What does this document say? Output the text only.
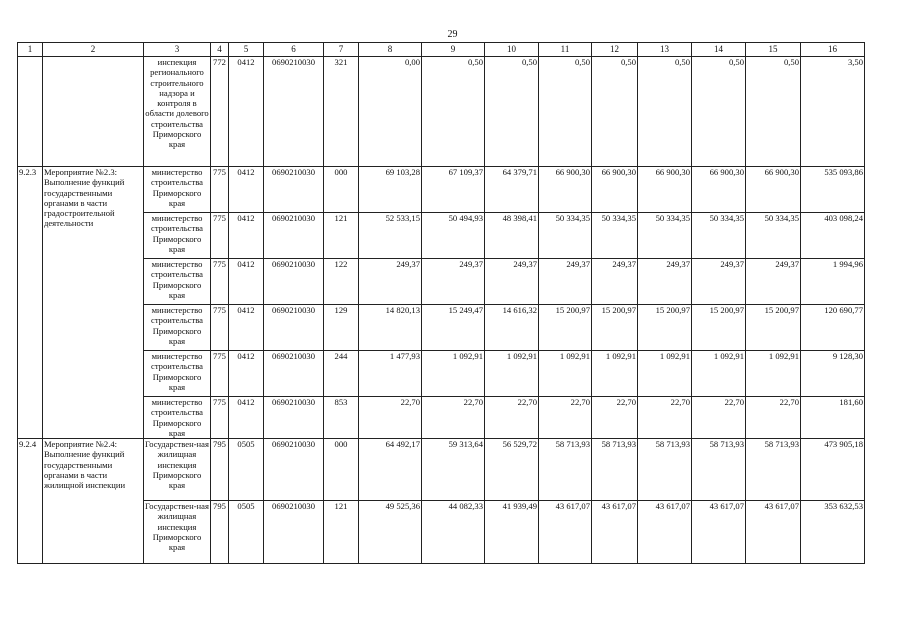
29
1	2	3	4	5	6	7	8	9	10	11	12	13	14	15	16
		инспекция регионального строительного надзора и контроля в области долевого строительства Приморского края	772	0412	0690210030	321	0,00	0,50	0,50	0,50	0,50	0,50	0,50	0,50	3,50
9.2.3	Мероприятие №2.3: Выполнение функций государственными органами в части градостроительной деятельности	министерство строительства Приморского края	775	0412	0690210030	000	69 103,28	67 109,37	64 379,71	66 900,30	66 900,30	66 900,30	66 900,30	66 900,30	535 093,86
		министерство строительства Приморского края	775	0412	0690210030	121	52 533,15	50 494,93	48 398,41	50 334,35	50 334,35	50 334,35	50 334,35	50 334,35	403 098,24
		министерство строительства Приморского края	775	0412	0690210030	122	249,37	249,37	249,37	249,37	249,37	249,37	249,37	249,37	1 994,96
		министерство строительства Приморского края	775	0412	0690210030	129	14 820,13	15 249,47	14 616,32	15 200,97	15 200,97	15 200,97	15 200,97	15 200,97	120 690,77
		министерство строительства Приморского края	775	0412	0690210030	244	1 477,93	1 092,91	1 092,91	1 092,91	1 092,91	1 092,91	1 092,91	1 092,91	9 128,30
		министерство строительства Приморского края	775	0412	0690210030	853	22,70	22,70	22,70	22,70	22,70	22,70	22,70	22,70	181,60
9.2.4	Мероприятие №2.4: Выполнение функций государственными органами в части жилищной инспекции	Государствен-ная жилищная инспекция Приморского края	795	0505	0690210030	000	64 492,17	59 313,64	56 529,72	58 713,93	58 713,93	58 713,93	58 713,93	58 713,93	473 905,18
		Государствен-ная жилищная инспекция Приморского края	795	0505	0690210030	121	49 525,36	44 082,33	41 939,49	43 617,07	43 617,07	43 617,07	43 617,07	43 617,07	353 632,53
